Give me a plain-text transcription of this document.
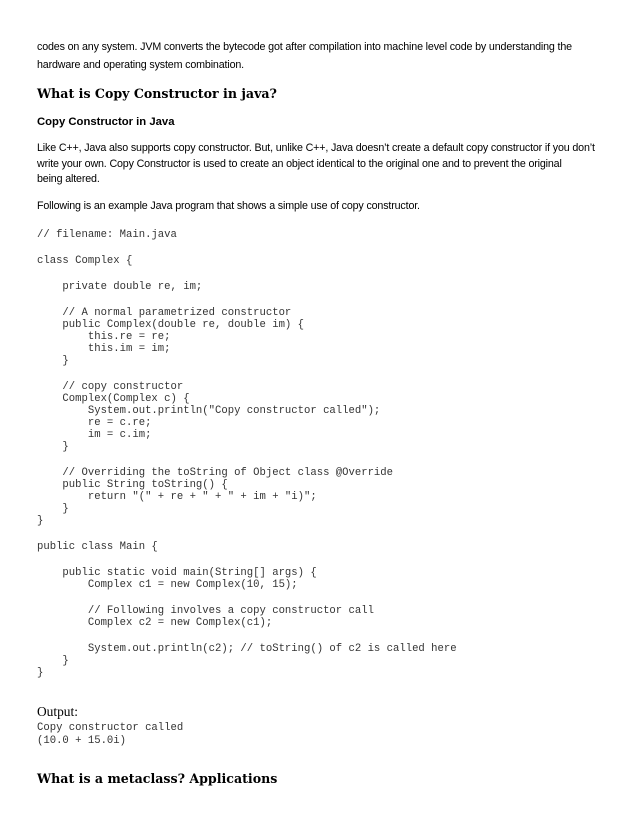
codes on any system. JVM converts the bytecode got after compilation into machine level code by understanding the
hardware and operating system combination.

What is Copy Constructor in java?
Copy Constructor in Java

Like C++, Java also supports copy constructor. But, unlike C++, Java doesn’t create a default copy constructor if you don’t
write your own. Copy Constructor is used to create an object identical to the original one and to prevent the original
being altered.

Following is an example Java program that shows a simple use of copy constructor.

// filename: Main.java

class Complex {

private double re, im;

// A normal parametrized constructor

public Complex(double re, double im) {

this.re = re;

this.im = im;

}

// copy constructor

Complex(Complex c) {

System.out.println("Copy constructor called");

re = c.re;

im = c.im;

}

// Overriding the toString of Object class @Override

public String toString() {

return "(" + re + " + " + im + "i)";

}

}

public class Main {

public static void main(String[] args) {

Complex c1 = new Complex(10, 15);

// Following involves a copy constructor call

Complex c2 = new Complex(c1);

System.out.println(c2); // toString() of c2 is called here

}

}

Output:

Copy constructor called

(10.0 + 15.0i)

What is a metaclass? Applications
